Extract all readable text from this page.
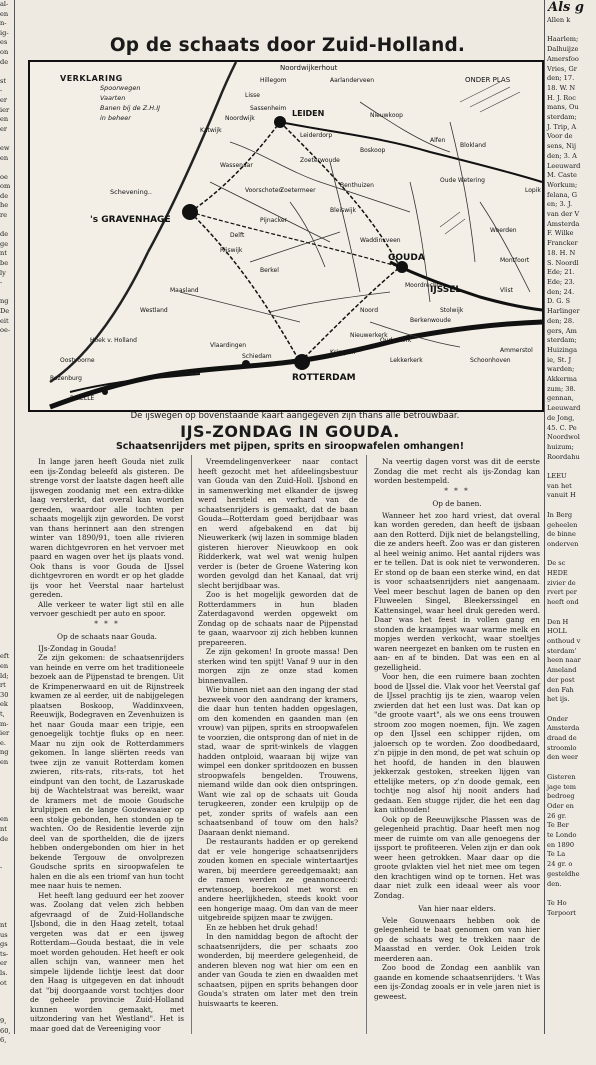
al-
en
n-
ig-
es
on
de

st
-
er
ier
en
er

ew
en

oe
om
de
he
re

de
ge
nt
be
ly
-

ng
De
eit
oe-

eft
en
ld;
rt
30
ek
t,
m-
ier
e.
ng
en

en
nt
de

-

nt
us
gs
ts-
er
ls.
ot

9,
60,
6,

Als g
Allen k

Haarlem;
Dalhuijze
Amersfoo
Vries, Gr
den; 17.
18. W. N
H. J. Roc
mans, Ou
sterdam;
J. Trip, A
Voor de
sens, Nij
den; 3. A
Leeuward
M. Caste
Workum;
felana, G
en; 3. J.
van der V
Amsterda
F. Wilke
Francker
18. H. N
S. Noordl
Ede; 21.
Ede; 23.
den; 24.
D. G. S
Harlinger
den; 28.
gers, Am
sterdam;
Huizinga
ie, St. J
warden;
Akkerma
zum; 38.
gennan,
Leeuward
de Jong,
45. C. Pe
Noordwol
huizum;
Roordahu

LEEU
van het
vanuit H

In Berg
geheelen
de binne
onderven

De sc
HEDE
zivier de
rvert per
heeft ond

Den H
HOLL
onthoud v
sterdam'
heen naar
Ameland
der post
den Fah
het ijs.

Onder
Amsterda
draad de
stroomlo
den weer

Gisteren
jage tem
bedroeg
Oder en
26 gr.
Te Ber
te Londo
en 1890
Te La
24 gr. o
gesteldhe
den.

Te Ho
Terpoort
Op de schaats door Zuid-Holland.
Noordwijkerhout
LEIDEN
Schevening..
's GRAVENHAGE
GOUDA
ROTTERDAM
BRIELLE
Rozenburg
Oostvoorne
Hillegom	Aarlanderveen
Nieuwkoop
Lisse
Katwijk
Leiderdorp
Vlaardingen
Schiedam
Zoetermeer
Bleiswijk
Berkel
Delft
IJSSEL
Schoonhoven
Ammerstol
Noord
Nieuwerkerk
Ouderkerk
Waddinxveen
Moordrecht
Rijswijk
Maasland
Zoeterwoude
Benthuizen
Boskoop
Alfen
Oude Wetering
Sassenheim
Noordwijk
Woerden
Montfoort
Lekkerkerk
Krimpen
Hoek v. Holland
Westland
Wassenaar
Voorschoten
Vlist
ONDER PLAS
Blokland
Lopik
Pijnacker
Berkenwoude
Stolwijk
VERKLARING
Spoorwegen
Vaarten
Banen bij de Z.H.IJ
in beheer
De ijswegen op bovenstaande kaart aangegeven zijn thans alle betrouwbaar.
IJS-ZONDAG IN GOUDA.
Schaatsenrijders met pijpen, sprits en siroopwafelen omhangen!

In lange jaren heeft Gouda niet zulk een ijs-Zondag beleefd als gisteren. De strenge vorst der laatste dagen heeft alle ijswegen zoodanig met een extra-dikke laag versterkt, dat overal kan worden gereden, waardoor alle tochten per schaats mogelijk zijn geworden. De vorst van thans herinnert aan den strengen winter van 1890/91, toen alle rivieren waren dichtgevroren en het vervoer met paard en wagen over het ijs plaats vond. Ook thans is voor Gouda de IJssel dichtgevroren en wordt er op het gladde ijs voor het Veerstal naar hartelust gereden.

Alle verkeer te water ligt stil en alle vervoer geschiedt per auto en spoor.

* * *

Op de schaats naar Gouda.

IJs-Zondag in Gouda!

Ze zijn gekomen: de schaatsenrijders van heinde en verre om het traditioneele bezoek aan de Pijpenstad te brengen. Uit de Krimpenerwaard en uit de Rijnstreek kwamen ze al eerder, uit de nabijgelegen plaatsen Boskoop, Waddinxveen, Reeuwijk, Bodegraven en Zevenhuizen is het naar Gouda maar een tripje, een genoegelijk tochtje fluks op en neer. Maar nu zijn ook de Rotterdammers gekomen. In lange sliërten reeds van twee zijn ze vanuit Rotterdam komen zwieren, rits-rats, rits-rats, tot het eindpunt van den tocht, de Lazaruskade bij de Wachtelstraat was bereikt, waar de kramers met de mooie Goudsche krulpijpen en de lange Goudewaaier op een stokje gebonden, hen stonden op te wachten. Oo de Residentie leverde zijn deel van de sporthelden, die de ijzers hebben ondergebonden om hier in het bekende Tergouw de onvolprezen Goudsche sprits en siroopwafelen te halen en die als een triomf van hun tocht mee naar huis te nemen.

Het heeft lang geduurd eer het zoover was. Zoolang dat velen zich hebben afgevraagd of de Zuid-Hollandsche IJsbond, die in den Haag zetelt, totaal vergeten was dat er een ijsweg Rotterdam—Gouda bestaat, die in vele moet worden gehouden. Het heeft er ook allen schijn van, wanneer men het simpele lijdende lichtje leest dat door den Haag is uitgegeven en dat inhoudt dat "bij doorgaande vorst tochtjes door de geheele provincie Zuid-Holland kunnen worden gemaakt, met uitzondering van het Westland". Het is maar goed dat de Vereeniging voor

Vreemdelingenverkeer naar contact heeft gezocht met het afdeelingsbestuur van Gouda van den Zuid-Holl. IJsbond en in samenwerking met elkander de ijsweg werd hersteld en verhard van de schaatsenrijders is gemaakt, dat de baan Gouda—Rotterdam goed berijdbaar was en werd afgebakend en dat bij Nieuwerkerk (wij lazen in sommige bladen gisteren hierover Nieuwkoop en ook Ridderkerk, wat wel wat wenig hulpen verder is (beter de Groene Watering kon worden gevolgd dan het Kanaal, dat vrij slecht berijdbaar was.

Zoo is het mogelijk geworden dat de Rotterdammers in hun bladen Zaterdagavond werden opgewekt om Zondag op de schaats naar de Pijpenstad te gaan, waarvoor zij zich hebben kunnen prepareeren.

Ze zijn gekomen! In groote massa! Den sterken wind ten spijt! Vanaf 9 uur in den morgen zijn ze onze stad komen binnenvallen.

Wie binnen niet aan den ingang der stad bezweek voor den aandrang der kramers, die daar hun tenten hadden opgeslagen, om den komenden en gaanden man (en vrouw) van pijpen, sprits en stroopwafelen te voorzien, die ontsprong dan of niet in de stad, waar de sprit-winkels de vlaggen hadden ontploid, waaraan bij wijze van wimpel een donker spritdoozen en bussen stroopwafels bengelden. Trouwens, niemand wilde dan ook dien ontspringen. Want wie zal op de schaats uit Gouda terugkeeren, zonder een krulpijp op de pet, zonder sprits of wafels aan een schaatsenband of touw om den hals? Daaraan denkt niemand.

De restaurants hadden er op gerekend dat er vele hongerige schaatsenrijders zouden komen en speciale wintertaartjes waren, bij meerdere gereedgemaakt; aan de ramen werden ze geannonceerd: erwtensoep, boerekool met worst en andere heerlijkheden, steeds kookt voor een hongerige maag. Om dan van de meer uitgebreide spijzen maar te zwijgen.

En ze hebben het druk gehad!

In den namiddag begon de aftocht der schaatsenrijders, die per schaats zoo wonderden, bij meerdere gelegenheid, de anderen bleven nog wat hier om een en ander van Gouda te zien en dwaalden met schaatsen, pijpen en sprits behangen door Gouda's straten om later met den trein huiswaarts te keeren.

Na veertig dagen vorst was dit de eerste Zondag die met recht als ijs-Zondag kan worden bestempeld.

* * *

Op de banen.

Wanneer het zoo hard vriest, dat overal kan worden gereden, dan heeft de ijsbaan aan den Rotterd. Dijk niet de belangstelling, die ze anders heeft. Zoo was er dan gisteren al heel weinig animo. Het aantal rijders was er te tellen. Dat is ook niet te verwonderen. Er stond op de baan een sterke wind, en dat is voor schaatsenrijders niet aangenaam. Veel meer beschut lagen de banen op den Fluweelen Singel, Bleekerssingel en Kattensingel, waar heel druk gereden werd. Daar was het feest in vollen gang en stonden de kraampjes waar warme melk en mopjes werden verkocht, waar stoeltjes waren neergezet en banken om te rusten en aan- en af te binden. Dat was een en al gezelligheid.

Voor hen, die een ruimere baan zochten bood de IJssel die. Vlak voor het Veerstal gaf de IJssel prachtig ijs te zien, waarop velen zwierden dat het een lust was. Dat kan op "de groote vaart", als we ons eens trouwen stroom zoo mogen noemen, fijn. We zagen op den IJssel een schipper rijden, om jaloersch op te worden. Zoo doodbedaard, z'n pijpje in den mond, de pet wat schuin op het hoofd, de handen in den blauwen jekkerzak gestoken, streeken lijgen van ettelijke meters, op z'n doode gemak, een tochtje nog alsof hij nooit anders had gedaan. Een stugge rijder, die het een dag kan uithouden!

Ook op de Reeuwijksche Plassen was de gelegenheid prachtig. Daar heeft men nog meer de ruimte om van alle genoegens der ijssport te profiteeren. Velen zijn er dan ook weer heen getrokken. Maar daar op die groote gvlakten viel het niet mee om tegen den krachtigen wind op te tornen. Het was daar niet zulk een ideaal weer als voor Zondag.

Van hier naar elders.

Vele Gouwenaars hebben ook de gelegenheid te baat genomen om van hier op de schaats weg te trekken naar de Maasstad en verder. Ook Leiden trok meerderen aan.

Zoo bood de Zondag een aanblik van gaande en komende schaatsenrijders. 't Was een ijs-Zondag zooals er in vele jaren niet is geweest.
